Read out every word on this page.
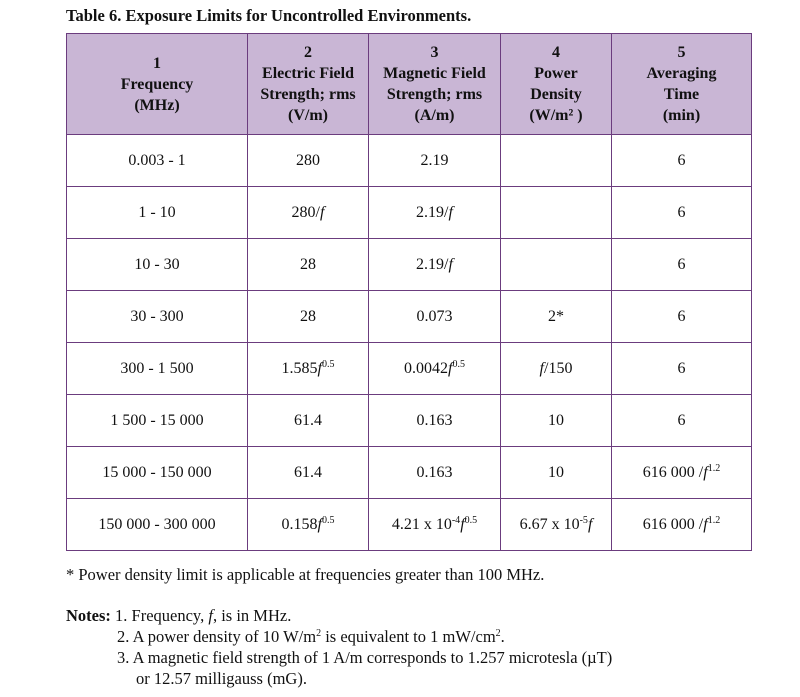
Table 6. Exposure Limits for Uncontrolled Environments.
1
Frequency
(MHz)	2
Electric Field
Strength; rms
(V/m)	3
Magnetic Field
Strength; rms
(A/m)	4
Power
Density
(W/m² )	5
Averaging
Time
(min)

0.003 - 1	280	2.19		6
1 - 10	280/f	2.19/f		6
10 - 30	28	2.19/f		6
30 - 300	28	0.073	2*	6
300 - 1 500	$1.585f^{0.5}$	$0.0042f^{0.5}$	f/150	6
1 500 - 15 000	61.4	0.163	10	6
15 000 - 150 000	61.4	0.163	10	616 000 $/f^{1.2}$
150 000 - 300 000	$0.158f^{0.5}$	4.21 x $10^{-4}f^{0.5}$	6.67 x $10^{-5}f$	616 000 $/f^{1.2}$
* Power density limit is applicable at frequencies greater than 100 MHz.
Notes: 1. Frequency, f, is in MHz.
2. A power density of 10 $W/m^2$ is equivalent to 1 $mW/cm^2$.
3. A magnetic field strength of 1 A/m corresponds to 1.257 microtesla (µT)
or 12.57 milligauss (mG).
